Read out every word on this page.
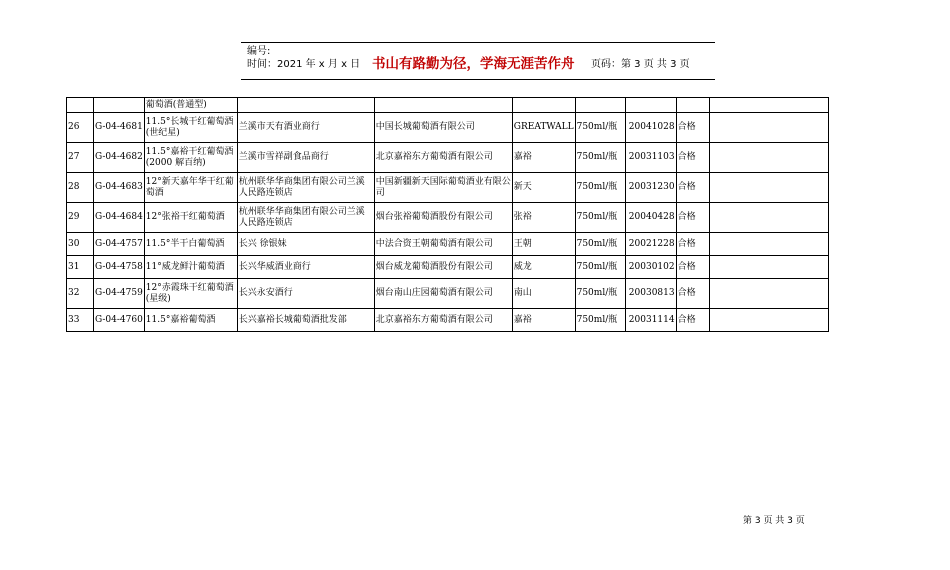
编号:
时间：2021 年 x 月 x 日 书山有路勤为径，学海无涯苦作舟 页码：第 3 页 共 3 页
		葡萄酒(普通型)							
26	G-04-4681	11.5°长城干红葡萄酒(世纪星)	兰溪市天有酒业商行	中国长城葡萄酒有限公司	GREATWALL	750ml/瓶	20041028	合格	
27	G-04-4682	11.5°嘉裕干红葡萄酒(2000 解百纳)	兰溪市雪祥副食品商行	北京嘉裕东方葡萄酒有限公司	嘉裕	750ml/瓶	20031103	合格	
28	G-04-4683	12°新天嘉年华干红葡萄酒	杭州联华华商集团有限公司兰溪人民路连锁店	中国新疆新天国际葡萄酒业有限公司	新天	750ml/瓶	20031230	合格	
29	G-04-4684	12°张裕干红葡萄酒	杭州联华华商集团有限公司兰溪人民路连锁店	烟台张裕葡萄酒股份有限公司	张裕	750ml/瓶	20040428	合格	
30	G-04-4757	11.5°半干白葡萄酒	长兴 徐银妹	中法合资王朝葡萄酒有限公司	王朝	750ml/瓶	20021228	合格	
31	G-04-4758	11°威龙鲜汁葡萄酒	长兴华威酒业商行	烟台威龙葡萄酒股份有限公司	威龙	750ml/瓶	20030102	合格	
32	G-04-4759	12°赤霞珠干红葡萄酒(星级)	长兴永安酒行	烟台南山庄园葡萄酒有限公司	南山	750ml/瓶	20030813	合格	
33	G-04-4760	11.5°嘉裕葡萄酒	长兴嘉裕长城葡萄酒批发部	北京嘉裕东方葡萄酒有限公司	嘉裕	750ml/瓶	20031114	合格	
第 3 页 共 3 页
